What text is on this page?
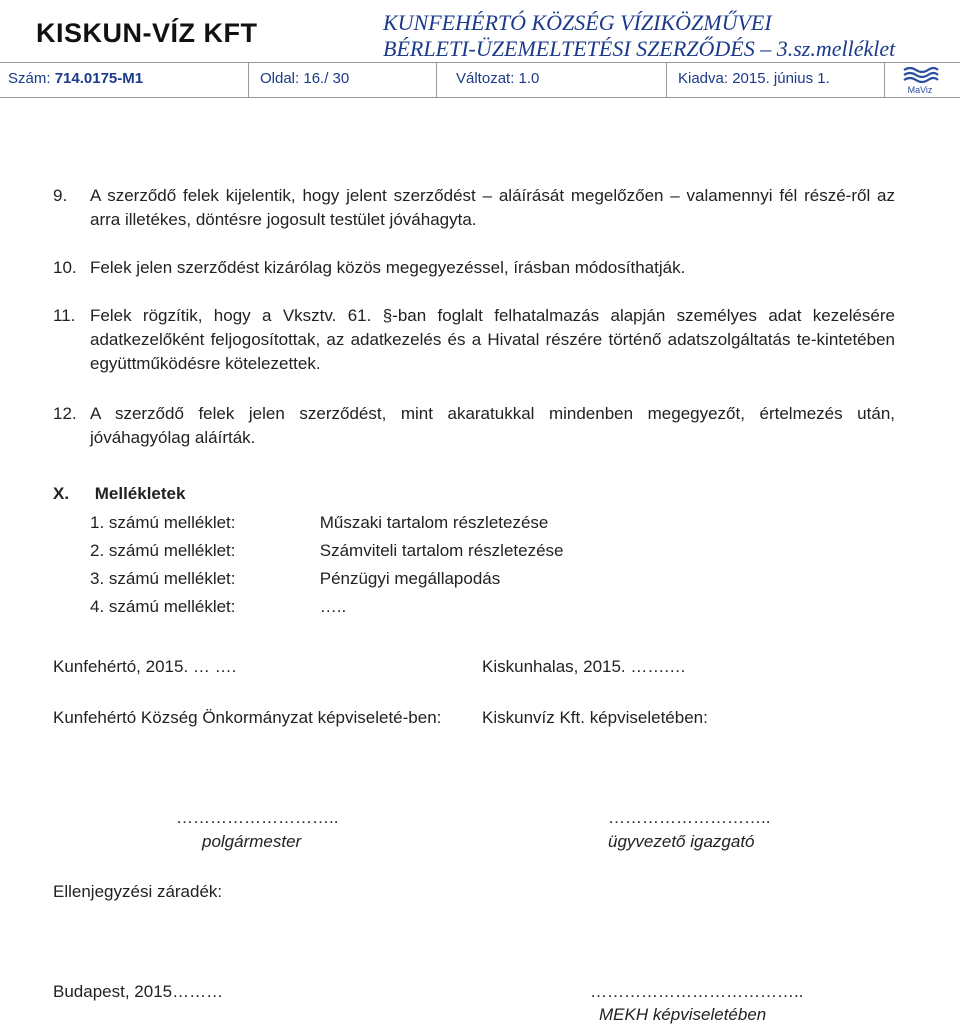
KISKUN-VÍZ KFT	KUNFEHÉRTÓ KÖZSÉG VÍZIKÖZMŰVEI
BÉRLETI-ÜZEMELTETÉSI SZERZŐDÉS – 3.sz.melléklet
Szám: 714.0175-M1	Oldal: 16./ 30	Változat: 1.0	Kiadva: 2015. június 1.
MaViz
9. A szerződő felek kijelentik, hogy jelent szerződést – aláírását megelőzően – valamennyi fél részé-ről az arra illetékes, döntésre jogosult testület jóváhagyta.
10. Felek jelen szerződést kizárólag közös megegyezéssel, írásban módosíthatják.
11. Felek rögzítik, hogy a Vksztv. 61. §-ban foglalt felhatalmazás alapján személyes adat kezelésére adatkezelőként feljogosítottak, az adatkezelés és a Hivatal részére történő adatszolgáltatás te-kintetében együttműködésre kötelezettek.
12. A szerződő felek jelen szerződést, mint akaratukkal mindenben megegyezőt, értelmezés után, jóváhagyólag aláírták.
X. Mellékletek
1. számú melléklet:	Műszaki tartalom részletezése
2. számú melléklet:	Számviteli tartalom részletezése
3. számú melléklet:	Pénzügyi megállapodás
4. számú melléklet:	…..
Kunfehértó, 2015. … ….	Kiskunhalas, 2015. …….…
Kunfehértó Község Önkormányzat képviseleté-ben:	Kiskunvíz Kft. képviseletében:
………………………..	………………………..
polgármester	ügyvezető igazgató
Ellenjegyzési záradék:
Budapest, 2015………	………………………………..
MEKH képviseletében
